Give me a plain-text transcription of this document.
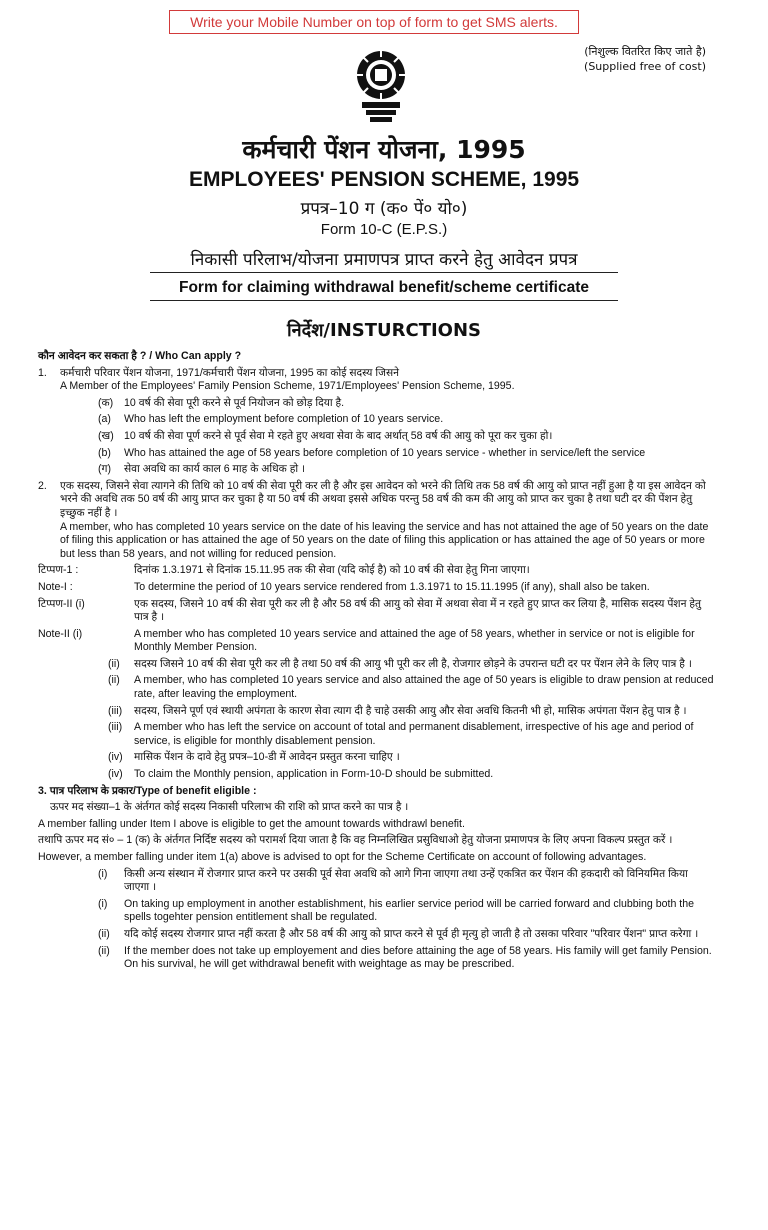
Write your Mobile Number on top of form to get SMS alerts.
(निशुल्क वितरित किए जाते है)
(Supplied free of cost)
कर्मचारी पेंशन योजना, 1995
EMPLOYEES' PENSION SCHEME, 1995
प्रपत्र–10 ग (क० पें० यो०)
Form 10-C (E.P.S.)
निकासी परिलाभ/योजना प्रमाणपत्र प्राप्त करने हेतु आवेदन प्रपत्र
Form for claiming withdrawal benefit/scheme certificate
निर्देश/INSTURCTIONS

कौन आवेदन कर सकता है ? / Who Can apply ?

1.	कर्मचारी परिवार पेंशन योजना, 1971/कर्मचारी पेंशन योजना, 1995 का कोई सदस्य जिसने
A Member of the Employees' Family Pension Scheme, 1971/Employees' Pension Scheme, 1995.
(क)	10 वर्ष की सेवा पूरी करने से पूर्व नियोजन को छोड़ दिया है.
(a)	Who has left the employment before completion of 10 years service.
(ख) 10 वर्ष की सेवा पूर्ण करने से पूर्व सेवा मे रहते हुए अथवा सेवा के बाद अर्थात् 58 वर्ष की आयु को पूरा कर चुका हो।
(b)	Who has attained the age of 58 years before completion of 10 years service - whether in service/left the service
(ग)	सेवा अवधि का कार्य काल 6 माह के अधिक हो ।
2.	एक सदस्य, जिसने सेवा त्यागने की तिथि को 10 वर्ष की सेवा पूरी कर ली है और इस आवेदन को भरने की तिथि तक 58 वर्ष की आयु को प्राप्त नहीं हुआ है या इस आवेदन को भरने की अवधि तक 50 वर्ष की आयु प्राप्त कर चुका है या 50 वर्ष की अथवा इससे अधिक परन्तु 58 वर्ष की कम की आयु को प्राप्त कर चुका है तथा घटी दर की पेंशन हेतु इच्छुक नहीं है ।
A member, who has completed 10 years service on the date of his leaving the service and has not attained the age of 50 years on the date of filing this application or has attained the age of 50 years on the date of filing this application or has attained the age of 50 years or more but less than 58 years, and not willing for reduced pension.
टिप्पण-1 :	दिनांक 1.3.1971 से दिनांक 15.11.95 तक की सेवा (यदि कोई है) को 10 वर्ष की सेवा हेतु गिना जाएगा।
Note-I :	To determine the period of 10 years service rendered from 1.3.1971 to 15.11.1995 (if any), shall also be taken.
टिप्पण-II (i)	एक सदस्य, जिसने 10 वर्ष की सेवा पूरी कर ली है और 58 वर्ष की आयु को सेवा में अथवा सेवा में न रहते हुए प्राप्त कर लिया है, मासिक सदस्य पेंशन हेतु पात्र है ।
Note-II (i)	A member who has completed 10 years service and attained the age of 58 years, whether in service or not is eligible for Monthly Member Pension.
(ii)	सदस्य जिसने 10 वर्ष की सेवा पूरी कर ली है तथा 50 वर्ष की आयु भी पूरी कर ली है, रोजगार छोड़ने के उपरान्त घटी दर पर पेंशन लेने के लिए पात्र है ।
(ii)	A member, who has completed 10 years service and also attained the age of 50 years is eligible to draw pension at reduced rate, after leaving the employment.
(iii)	सदस्य, जिसने पूर्ण एवं स्थायी अपंगता के कारण सेवा त्याग दी है चाहे उसकी आयु और सेवा अवधि कितनी भी हो, मासिक अपंगता पेंशन हेतु पात्र है ।
(iii)	A member who has left the service on account of total and permanent disablement, irrespective of his age and period of service, is eligible for monthly disablement pension.
(iv)	मासिक पेंशन के दावे हेतु प्रपत्र–10-डी में आवेदन प्रस्तुत करना चाहिए ।
(iv)	To claim the Monthly pension, application in Form-10-D should be submitted.

3. पात्र परिलाभ के प्रकार/Type of benefit eligible :

ऊपर मद संख्या–1 के अंर्तगत कोई सदस्य निकासी परिलाभ की राशि को प्राप्त करने का पात्र है ।

A member falling under Item I above is eligible to get the amount towards withdrawl benefit.

तथापि ऊपर मद सं० – 1 (क) के अंर्तगत निर्दिष्ट सदस्य को परामर्श दिया जाता है कि वह निम्नलिखित प्रसुविधाओ हेतु योजना प्रमाणपत्र के लिए अपना विकल्प प्रस्तुत करें ।

However, a member falling under item 1(a) above is advised to opt for the Scheme Certificate on account of following advantages.

(i)	किसी अन्य संस्थान में रोजगार प्राप्त करने पर उसकी पूर्व सेवा अवधि को आगे गिना जाएगा तथा उन्हें एकत्रित कर पेंशन की हकदारी को विनियमित किया जाएगा ।
(i)	On taking up employment in another establishment, his earlier service period will be carried forward and clubbing both the spells togehter pension entitlement shall be regulated.
(ii)	यदि कोई सदस्य रोजगार प्राप्त नहीं करता है और 58 वर्ष की आयु को प्राप्त करने से पूर्व ही मृत्यु हो जाती है तो उसका परिवार "परिवार पेंशन" प्राप्त करेगा ।
(ii)	If the member does not take up employement and dies before attaining the age of 58 years. His family will get family Pension. On his survival, he will get withdrawal benefit with weightage as may be prescribed.
